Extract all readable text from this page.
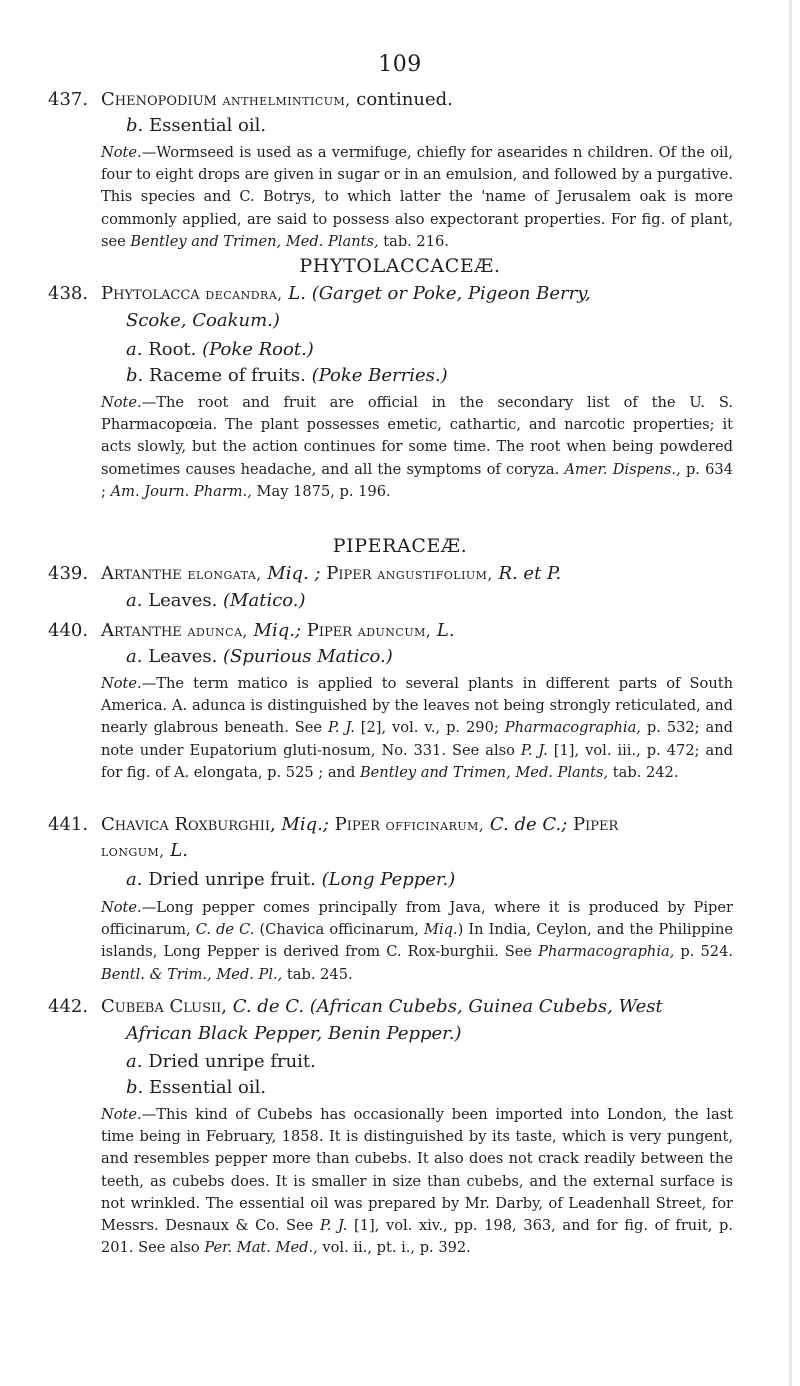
109
437. Chenopodium anthelminticum, continued.
b. Essential oil.
Note.—Wormseed is used as a vermifuge, chiefly for asearides n children. Of the oil, four to eight drops are given in sugar or in an emulsion, and followed by a purgative. This species and C. Botrys, to which latter the 'name of Jerusalem oak is more commonly applied, are said to possess also expectorant properties. For fig. of plant, see Bentley and Trimen, Med. Plants, tab. 216.
PHYTOLACCACEÆ.
438. Phytolacca decandra, L. (Garget or Poke, Pigeon Berry,
Scoke, Coakum.)
a. Root. (Poke Root.)
b. Raceme of fruits. (Poke Berries.)
Note.—The root and fruit are official in the secondary list of the U. S. Pharmacopœia. The plant possesses emetic, cathartic, and narcotic properties; it acts slowly, but the action continues for some time. The root when being powdered sometimes causes headache, and all the symptoms of coryza. Amer. Dispens., p. 634 ; Am. Journ. Pharm., May 1875, p. 196.
PIPERACEÆ.
439. Artanthe elongata, Miq. ; Piper angustifolium, R. et P.
a. Leaves. (Matico.)
440. Artanthe adunca, Miq.; Piper aduncum, L.
a. Leaves. (Spurious Matico.)
Note.—The term matico is applied to several plants in different parts of South America. A. adunca is distinguished by the leaves not being strongly reticulated, and nearly glabrous beneath. See P. J. [2], vol. v., p. 290; Pharmacographia, p. 532; and note under Eupatorium gluti-nosum, No. 331. See also P. J. [1], vol. iii., p. 472; and for fig. of A. elongata, p. 525 ; and Bentley and Trimen, Med. Plants, tab. 242.
441. Chavica Roxburghii, Miq.; Piper officinarum, C. de C.; Piper
longum, L.
a. Dried unripe fruit. (Long Pepper.)
Note.—Long pepper comes principally from Java, where it is produced by Piper officinarum, C. de C. (Chavica officinarum, Miq.) In India, Ceylon, and the Philippine islands, Long Pepper is derived from C. Rox-burghii. See Pharmacographia, p. 524. Bentl. & Trim., Med. Pl., tab. 245.
442. Cubeba Clusii, C. de C. (African Cubebs, Guinea Cubebs, West
African Black Pepper, Benin Pepper.)
a. Dried unripe fruit.
b. Essential oil.
Note.—This kind of Cubebs has occasionally been imported into London, the last time being in February, 1858. It is distinguished by its taste, which is very pungent, and resembles pepper more than cubebs. It also does not crack readily between the teeth, as cubebs does. It is smaller in size than cubebs, and the external surface is not wrinkled. The essential oil was prepared by Mr. Darby, of Leadenhall Street, for Messrs. Desnaux & Co. See P. J. [1], vol. xiv., pp. 198, 363, and for fig. of fruit, p. 201. See also Per. Mat. Med., vol. ii., pt. i., p. 392.
